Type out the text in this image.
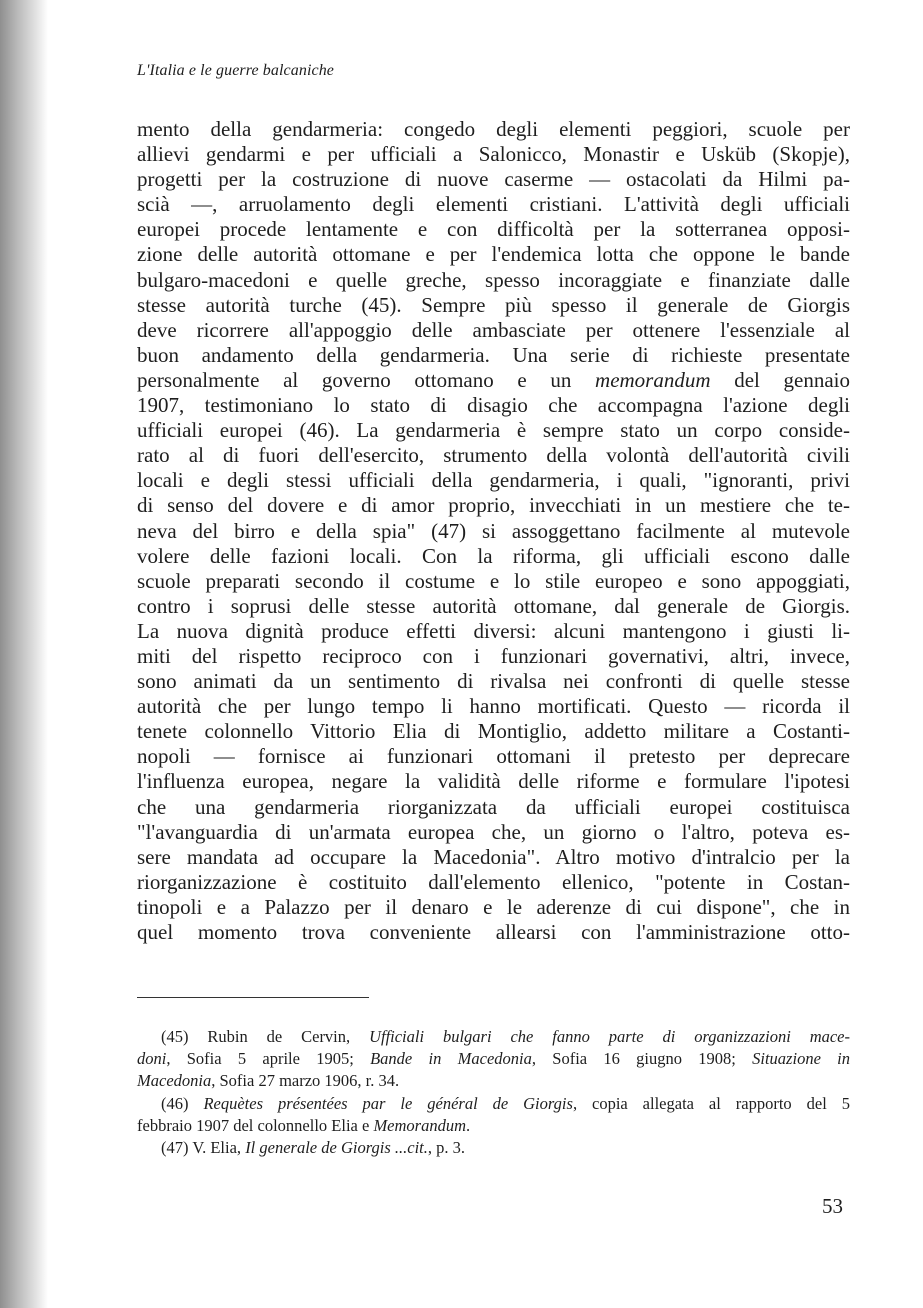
L'Italia e le guerre balcaniche
mento della gendarmeria: congedo degli elementi peggiori, scuole per
allievi gendarmi e per ufficiali a Salonicco, Monastir e Usküb (Skopje),
progetti per la costruzione di nuove caserme — ostacolati da Hilmi pa-
scià —, arruolamento degli elementi cristiani. L'attività degli ufficiali
europei procede lentamente e con difficoltà per la sotterranea opposi-
zione delle autorità ottomane e per l'endemica lotta che oppone le bande
bulgaro-macedoni e quelle greche, spesso incoraggiate e finanziate dalle
stesse autorità turche (45). Sempre più spesso il generale de Giorgis
deve ricorrere all'appoggio delle ambasciate per ottenere l'essenziale al
buon andamento della gendarmeria. Una serie di richieste presentate
personalmente al governo ottomano e un memorandum del gennaio
1907, testimoniano lo stato di disagio che accompagna l'azione degli
ufficiali europei (46). La gendarmeria è sempre stato un corpo conside-
rato al di fuori dell'esercito, strumento della volontà dell'autorità civili
locali e degli stessi ufficiali della gendarmeria, i quali, "ignoranti, privi
di senso del dovere e di amor proprio, invecchiati in un mestiere che te-
neva del birro e della spia" (47) si assoggettano facilmente al mutevole
volere delle fazioni locali. Con la riforma, gli ufficiali escono dalle
scuole preparati secondo il costume e lo stile europeo e sono appoggiati,
contro i soprusi delle stesse autorità ottomane, dal generale de Giorgis.
La nuova dignità produce effetti diversi: alcuni mantengono i giusti li-
miti del rispetto reciproco con i funzionari governativi, altri, invece,
sono animati da un sentimento di rivalsa nei confronti di quelle stesse
autorità che per lungo tempo li hanno mortificati. Questo — ricorda il
tenete colonnello Vittorio Elia di Montiglio, addetto militare a Costanti-
nopoli — fornisce ai funzionari ottomani il pretesto per deprecare
l'influenza europea, negare la validità delle riforme e formulare l'ipotesi
che una gendarmeria riorganizzata da ufficiali europei costituisca
"l'avanguardia di un'armata europea che, un giorno o l'altro, poteva es-
sere mandata ad occupare la Macedonia". Altro motivo d'intralcio per la
riorganizzazione è costituito dall'elemento ellenico, "potente in Costan-
tinopoli e a Palazzo per il denaro e le aderenze di cui dispone", che in
quel momento trova conveniente allearsi con l'amministrazione otto-
(45) Rubin de Cervin, Ufficiali bulgari che fanno parte di organizzazioni mace-
doni, Sofia 5 aprile 1905; Bande in Macedonia, Sofia 16 giugno 1908; Situazione in
Macedonia, Sofia 27 marzo 1906, r. 34.
(46) Requètes présentées par le général de Giorgis, copia allegata al rapporto del 5
febbraio 1907 del colonnello Elia e Memorandum.
(47) V. Elia, Il generale de Giorgis ...cit., p. 3.
53
